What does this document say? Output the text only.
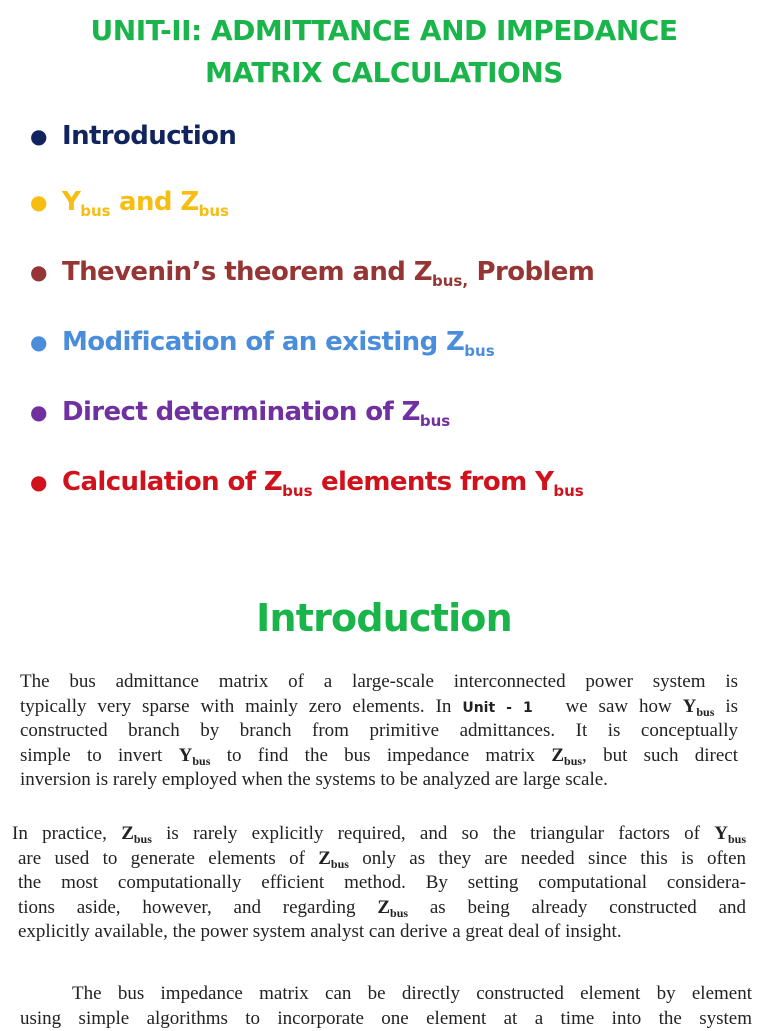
UNIT-II: ADMITTANCE AND IMPEDANCE
MATRIX CALCULATIONS
● Introduction
● $Y_{bus}$ and $Z_{bus}$
● Thevenin’s theorem and $Z_{bus,}$ Problem
● Modification of an existing $Z_{bus}$
● Direct determination of $Z_{bus}$
● Calculation of $Z_{bus}$ elements from $Y_{bus}$
Introduction
The bus admittance matrix of a large-scale interconnected power system is
typically very sparse with mainly zero elements. In Unit - 1 we saw how $Y_{bus}$ is
constructed branch by branch from primitive admittances. It is conceptually
simple to invert $Y_{bus}$ to find the bus impedance matrix $Z_{bus}$, but such direct
inversion is rarely employed when the systems to be analyzed are large scale.
In practice, $Z_{bus}$ is rarely explicitly required, and so the triangular factors of $Y_{bus}$
are used to generate elements of $Z_{bus}$ only as they are needed since this is often
the most computationally efficient method. By setting computational considera-
tions aside, however, and regarding $Z_{bus}$ as being already constructed and
explicitly available, the power system analyst can derive a great deal of insight.
The bus impedance matrix can be directly constructed element by element
using simple algorithms to incorporate one element at a time into the system
